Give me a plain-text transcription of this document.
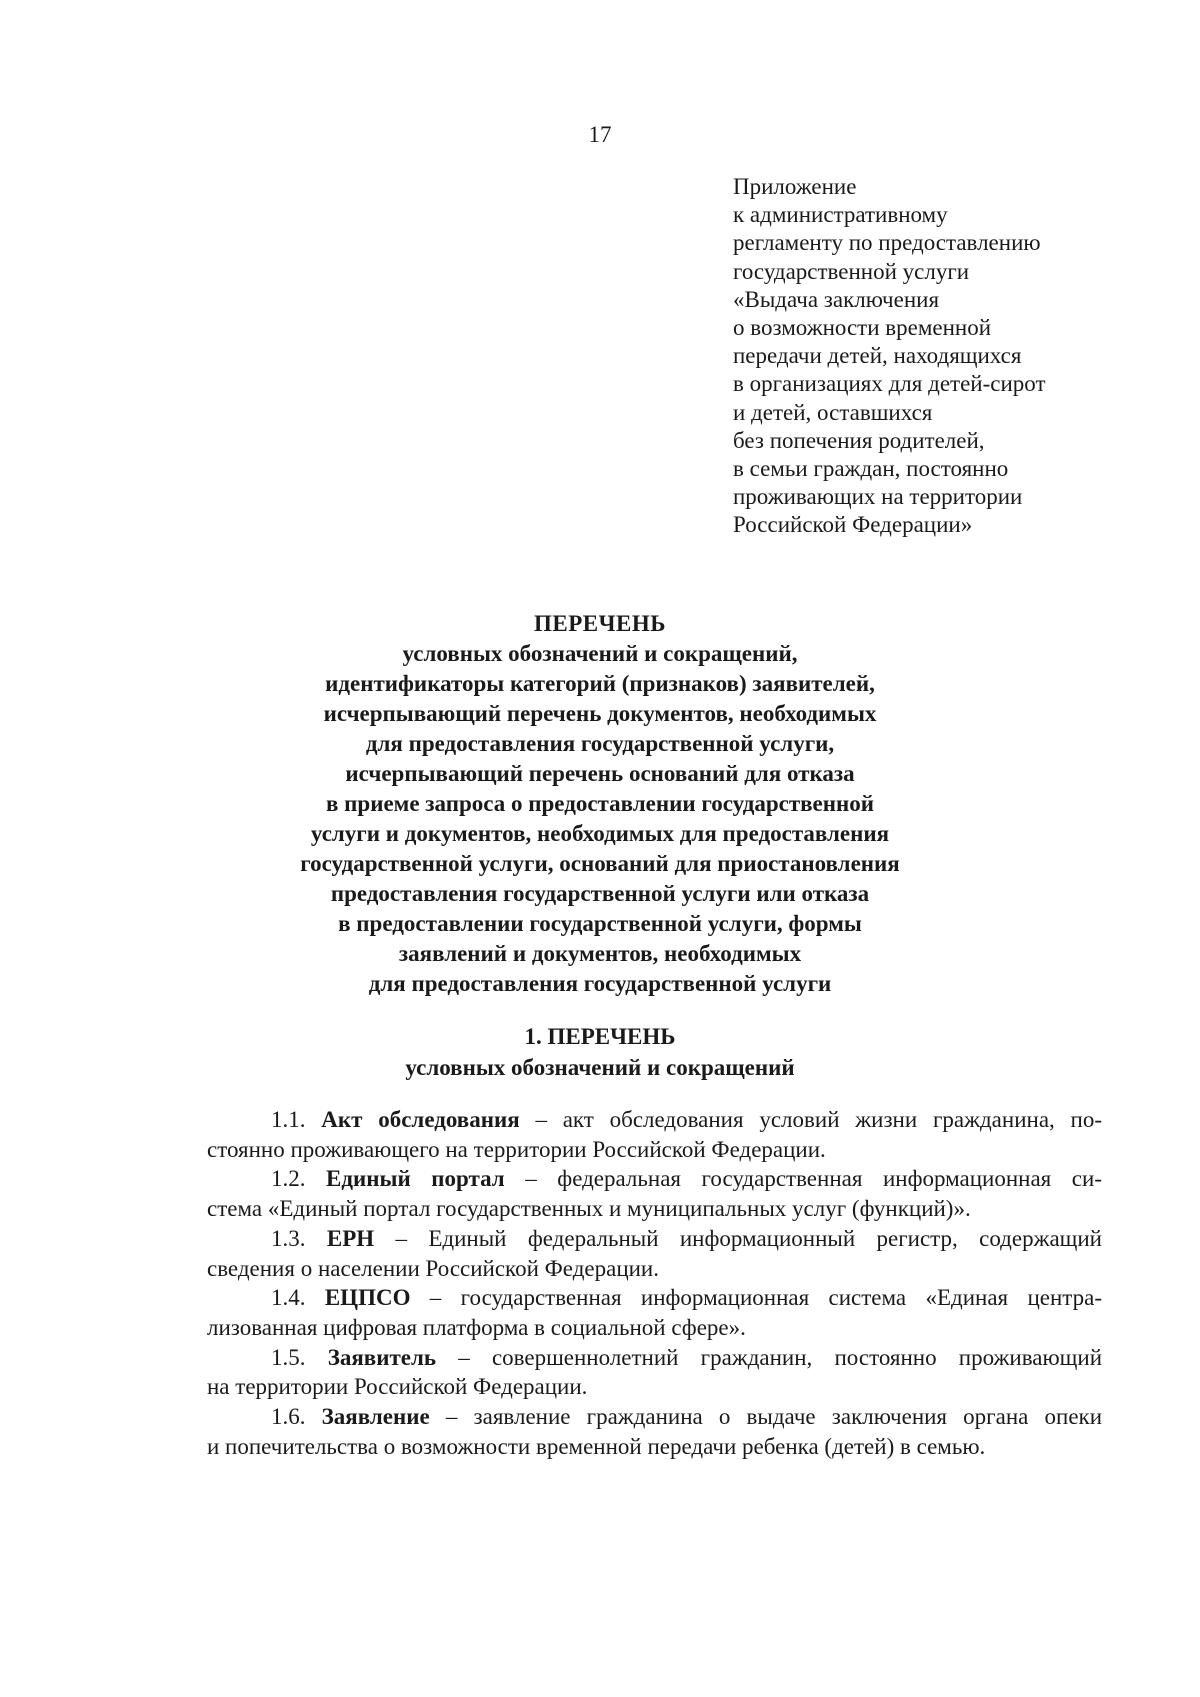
17
Приложение
к административному
регламенту по предоставлению
государственной услуги
«Выдача заключения
о возможности временной
передачи детей, находящихся
в организациях для детей-сирот
и детей, оставшихся
без попечения родителей,
в семьи граждан, постоянно
проживающих на территории
Российской Федерации»
ПЕРЕЧЕНЬ
условных обозначений и сокращений,
идентификаторы категорий (признаков) заявителей,
исчерпывающий перечень документов, необходимых
для предоставления государственной услуги,
исчерпывающий перечень оснований для отказа
в приеме запроса о предоставлении государственной
услуги и документов, необходимых для предоставления
государственной услуги, оснований для приостановления
предоставления государственной услуги или отказа
в предоставлении государственной услуги, формы
заявлений и документов, необходимых
для предоставления государственной услуги
1. ПЕРЕЧЕНЬ
условных обозначений и сокращений
1.1. Акт обследования – акт обследования условий жизни гражданина, по-
стоянно проживающего на территории Российской Федерации.
1.2. Единый портал – федеральная государственная информационная си-
стема «Единый портал государственных и муниципальных услуг (функций)».
1.3. ЕРН – Единый федеральный информационный регистр, содержащий
сведения о населении Российской Федерации.
1.4. ЕЦПСО – государственная информационная система «Единая центра-
лизованная цифровая платформа в социальной сфере».
1.5. Заявитель – совершеннолетний гражданин, постоянно проживающий
на территории Российской Федерации.
1.6. Заявление – заявление гражданина о выдаче заключения органа опеки
и попечительства о возможности временной передачи ребенка (детей) в семью.
